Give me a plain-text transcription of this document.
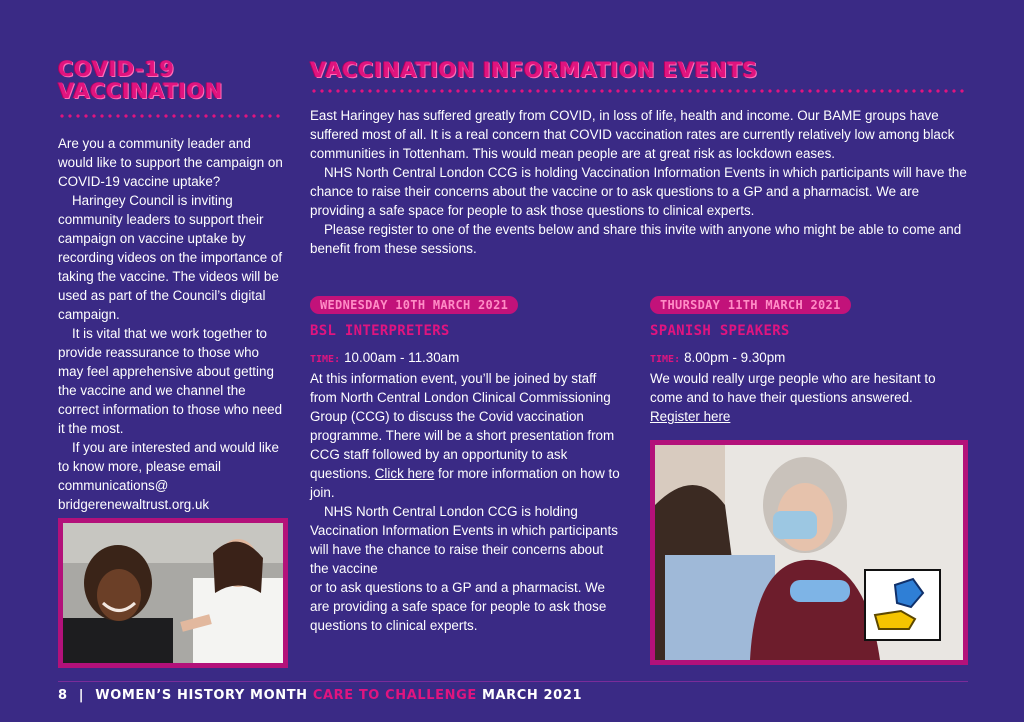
COVID-19
VACCINATION

Are you a community leader and would like to support the campaign on COVID-19 vaccine uptake?

Haringey Council is inviting community leaders to support their campaign on vaccine uptake by recording videos on the importance of taking the vaccine. The videos will be used as part of the Council’s digital campaign.

It is vital that we work together to provide reassurance to those who may feel apprehensive about getting the vaccine and we channel the correct information to those who need it the most.

If you are interested and would like to know more, please email communications@ bridgerenewaltrust.org.uk

VACCINATION INFORMATION EVENTS

East Haringey has suffered greatly from COVID, in loss of life, health and income. Our BAME groups have suffered most of all. It is a real concern that COVID vaccination rates are currently relatively low among black communities in Tottenham. This would mean people are at great risk as lockdown eases.

NHS North Central London CCG is holding Vaccination Information Events in which participants will have the chance to raise their concerns about the vaccine or to ask questions to a GP and a pharmacist. We are providing a safe space for people to ask those questions to clinical experts.

Please register to one of the events below and share this invite with anyone who might be able to come and benefit from these sessions.

WEDNESDAY 10TH MARCH 2021
BSL INTERPRETERS

TIME: 10.00am - 11.30am

At this information event, you’ll be joined by staff from North Central London Clinical Commissioning Group (CCG) to discuss the Covid vaccination programme. There will be a short presentation from CCG staff followed by an opportunity to ask questions. Click here for more information on how to join.

NHS North Central London CCG is holding Vaccination Information Events in which participants will have the chance to raise their concerns about the vaccine

or to ask questions to a GP and a pharmacist. We are providing a safe space for people to ask those questions to clinical experts.

THURSDAY 11TH MARCH 2021
SPANISH SPEAKERS

TIME: 8.00pm - 9.30pm

We would really urge people who are hesitant to come and to have their questions answered.

Register here

8 | WOMEN’S HISTORY MONTH CARE TO CHALLENGE MARCH 2021
